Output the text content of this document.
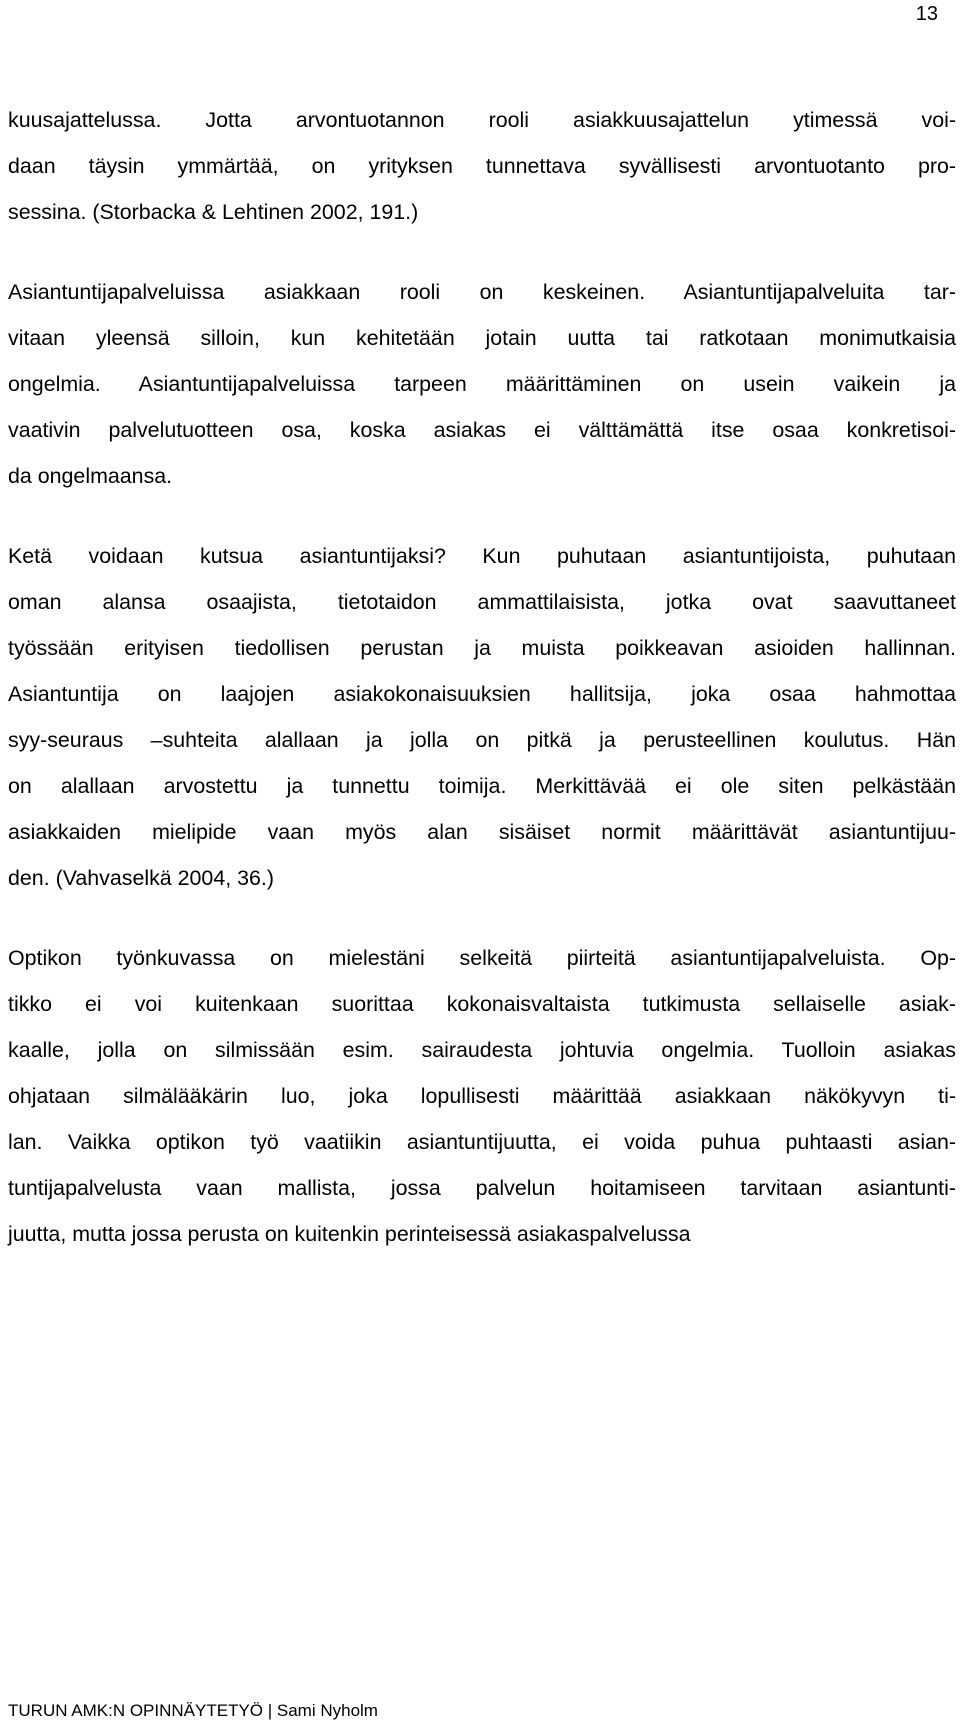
13
kuusajattelussa. Jotta arvontuotannon rooli asiakkuusajattelun ytimessä voi-
daan täysin ymmärtää, on yrityksen tunnettava syvällisesti arvontuotanto pro-
sessina. (Storbacka & Lehtinen 2002, 191.)
Asiantuntijapalveluissa asiakkaan rooli on keskeinen. Asiantuntijapalveluita tar-
vitaan yleensä silloin, kun kehitetään jotain uutta tai ratkotaan monimutkaisia
ongelmia. Asiantuntijapalveluissa tarpeen määrittäminen on usein vaikein ja
vaativin palvelutuotteen osa, koska asiakas ei välttämättä itse osaa konkretisoi-
da ongelmaansa.
Ketä voidaan kutsua asiantuntijaksi? Kun puhutaan asiantuntijoista, puhutaan
oman alansa osaajista, tietotaidon ammattilaisista, jotka ovat saavuttaneet
työssään erityisen tiedollisen perustan ja muista poikkeavan asioiden hallinnan.
Asiantuntija on laajojen asiakokonaisuuksien hallitsija, joka osaa hahmottaa
syy-seuraus –suhteita alallaan ja jolla on pitkä ja perusteellinen koulutus. Hän
on alallaan arvostettu ja tunnettu toimija. Merkittävää ei ole siten pelkästään
asiakkaiden mielipide vaan myös alan sisäiset normit määrittävät asiantuntijuu-
den. (Vahvaselkä 2004, 36.)
Optikon työnkuvassa on mielestäni selkeitä piirteitä asiantuntijapalveluista. Op-
tikko ei voi kuitenkaan suorittaa kokonaisvaltaista tutkimusta sellaiselle asiak-
kaalle, jolla on silmissään esim. sairaudesta johtuvia ongelmia. Tuolloin asiakas
ohjataan silmälääkärin luo, joka lopullisesti määrittää asiakkaan näkökyvyn ti-
lan. Vaikka optikon työ vaatiikin asiantuntijuutta, ei voida puhua puhtaasti asian-
tuntijapalvelusta vaan mallista, jossa palvelun hoitamiseen tarvitaan asiantunti-
juutta, mutta jossa perusta on kuitenkin perinteisessä asiakaspalvelussa
TURUN AMK:N OPINNÄYTETYÖ | Sami Nyholm
